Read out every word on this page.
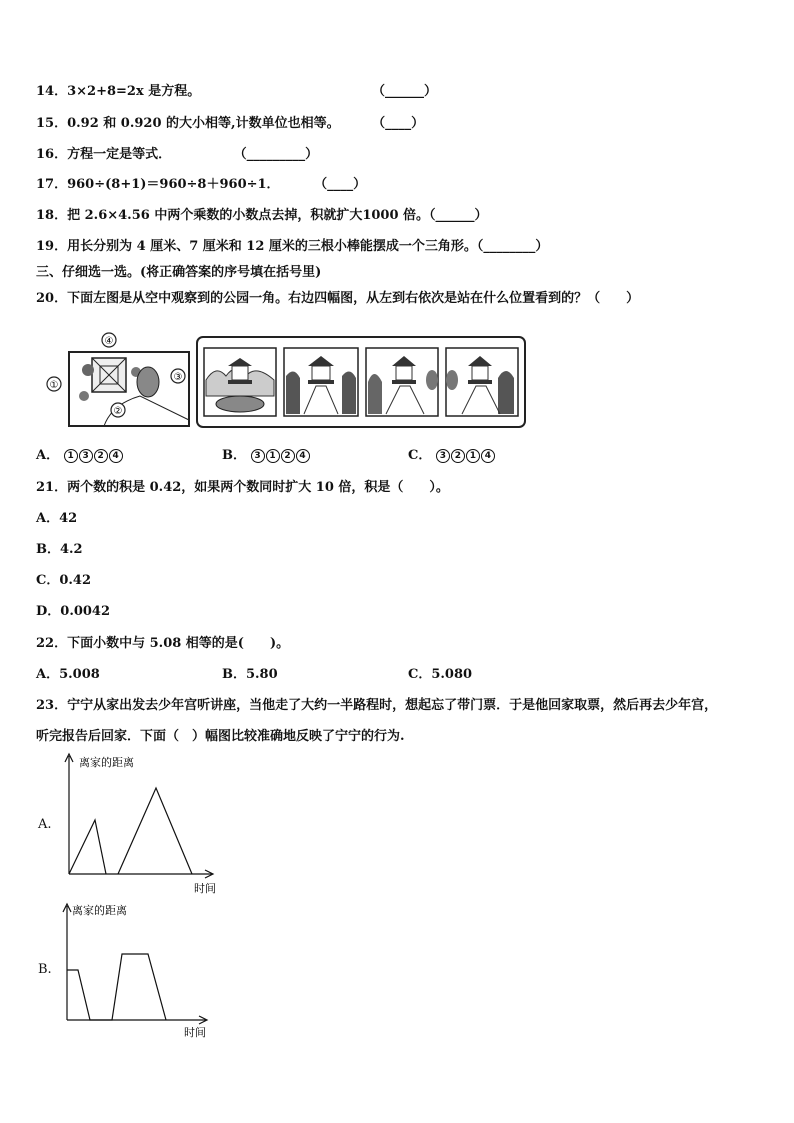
14．3×2+8=2x 是方程。	（______）
15．0.92 和 0.920 的大小相等,计数单位也相等。	（____）
16．方程一定是等式．	（_________）
17．960÷(8+1)＝960÷8＋960÷1．	（____）
18．把 2.6×4.56 中两个乘数的小数点去掉，积就扩大1000 倍。（______）
19．用长分别为 4 厘米、7 厘米和 12 厘米的三根小棒能摆成一个三角形。（________）
三、仔细选一选。(将正确答案的序号填在括号里)
20．下面左图是从空中观察到的公园一角。右边四幅图，从左到右依次是站在什么位置看到的？（　　）
④
①
②
③
A． 1 3 2 4	B． 3 1 2 4	C． 3 2 1 4
21．两个数的积是 0.42，如果两个数同时扩大 10 倍，积是（　　）。
A．42
B．4.2
C．0.42
D．0.0042
22．下面小数中与 5.08 相等的是(　　)。
A．5.008	B．5.80	C．5.080
23．宁宁从家出发去少年宫听讲座，当他走了大约一半路程时，想起忘了带门票．于是他回家取票，然后再去少年宫，
听完报告后回家．下面（　）幅图比较准确地反映了宁宁的行为.
A.
离家的距离
时间
B.
离家的距离
时间
